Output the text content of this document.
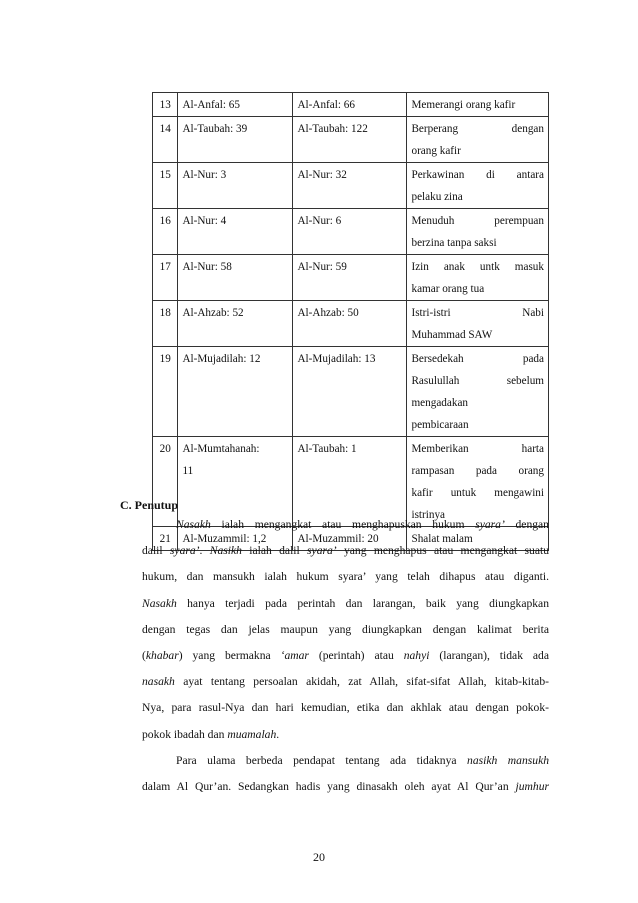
13	Al-Anfal: 65	Al-Anfal: 66	Memerangi orang kafir

14	Al-Taubah: 39	Al-Taubah: 122	Berperang dengan
orang kafir

15	Al-Nur: 3	Al-Nur: 32	Perkawinan di antara
pelaku zina

16	Al-Nur: 4	Al-Nur: 6	Menuduh perempuan
berzina tanpa saksi

17	Al-Nur: 58	Al-Nur: 59	Izin anak untk masuk
kamar orang tua

18	Al-Ahzab: 52	Al-Ahzab: 50	Istri-istri Nabi
Muhammad SAW

19	Al-Mujadilah: 12	Al-Mujadilah: 13	Bersedekah pada
Rasulullah sebelum
mengadakan
pembicaraan

20	Al-Mumtahanah:
11	Al-Taubah: 1	Memberikan harta
rampasan pada orang
kafir untuk mengawini
istrinya

21	Al-Muzammil: 1,2	Al-Muzammil: 20	Shalat malam
C. Penutup

Nasakh ialah mengangkat atau menghapuskan hukum syara’ dengan

dalil syara’. Nasikh ialah dalil syara’ yang menghapus atau mengangkat suatu
hukum, dan mansukh ialah hukum syara’ yang telah dihapus atau diganti.
Nasakh hanya terjadi pada perintah dan larangan, baik yang diungkapkan
dengan tegas dan jelas maupun yang diungkapkan dengan kalimat berita
(khabar) yang bermakna ‘amar (perintah) atau nahyi (larangan), tidak ada
nasakh ayat tentang persoalan akidah, zat Allah, sifat-sifat Allah, kitab-kitab-
Nya, para rasul-Nya dan hari kemudian, etika dan akhlak atau dengan pokok-
pokok ibadah dan muamalah.

Para ulama berbeda pendapat tentang ada tidaknya nasikh mansukh

dalam Al Qur’an. Sedangkan hadis yang dinasakh oleh ayat Al Qur’an jumhur

20
